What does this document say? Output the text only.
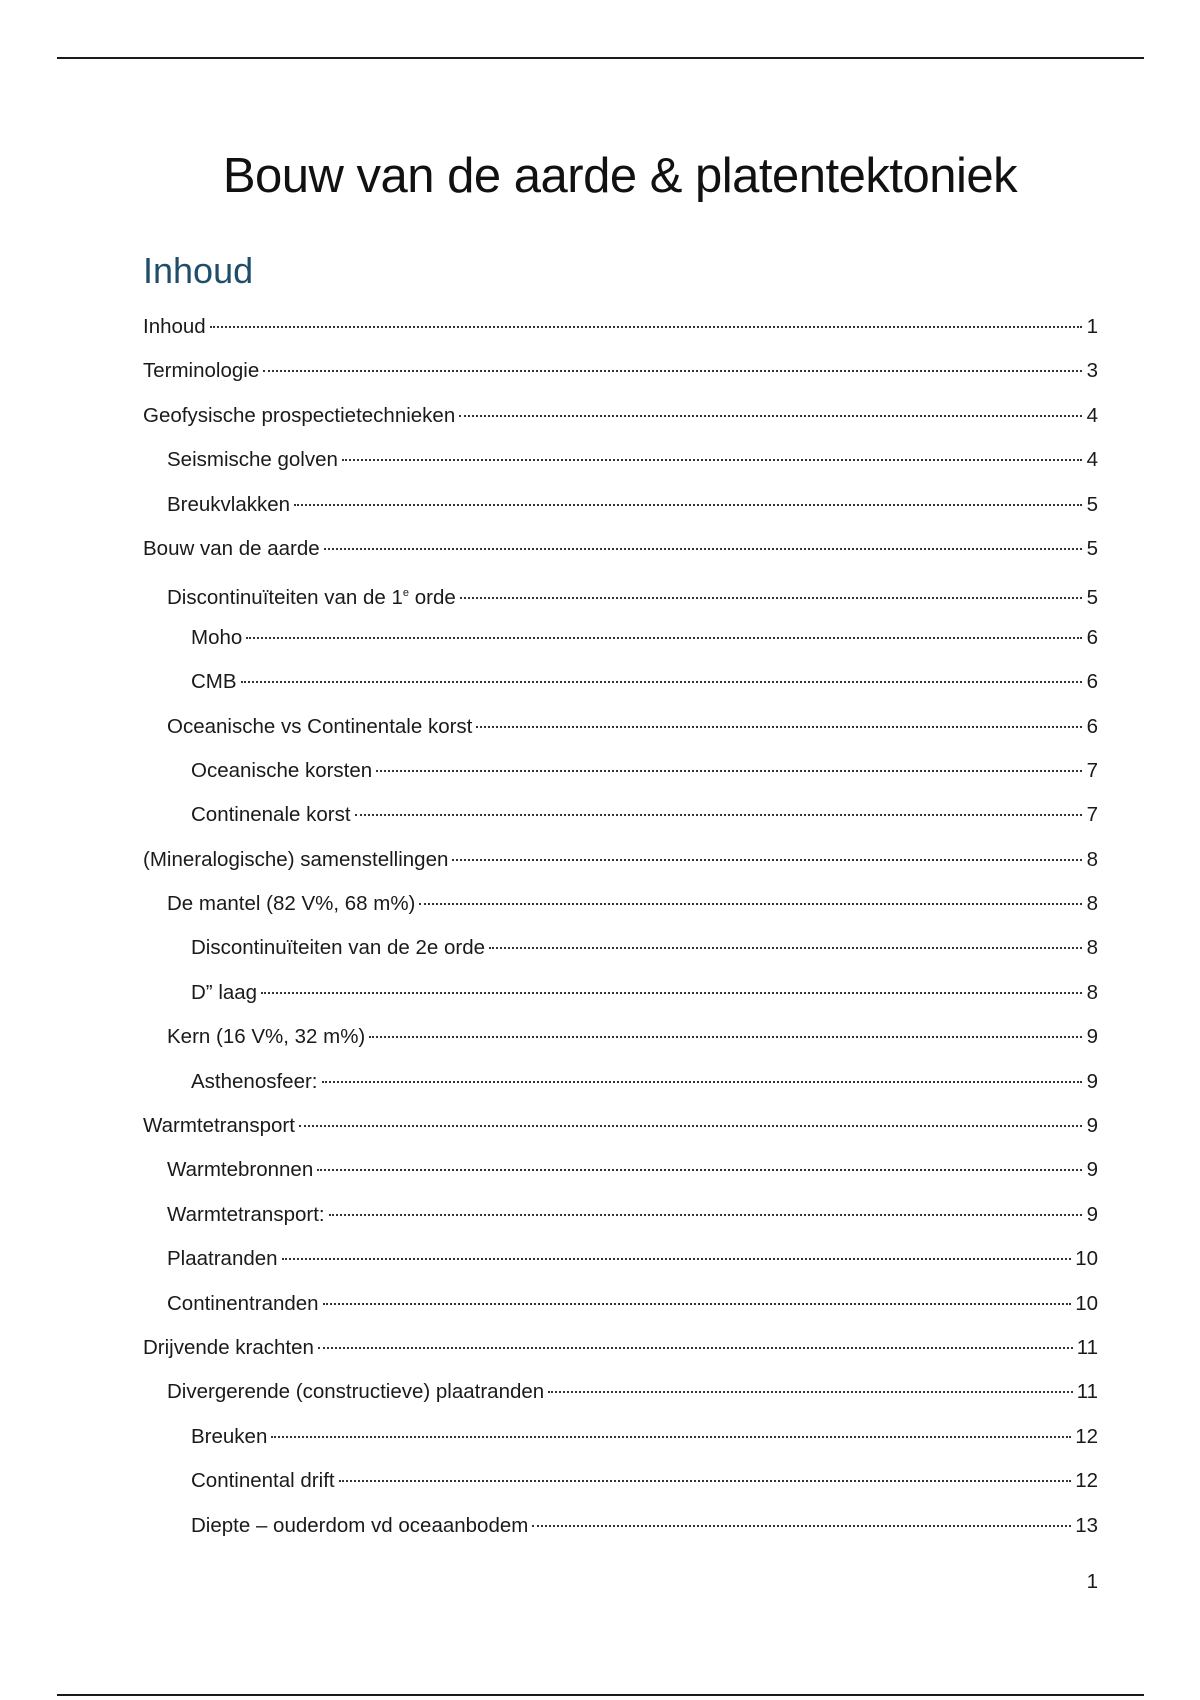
Bouw van de aarde & platentektoniek
Inhoud
Inhoud	1
Terminologie	3
Geofysische prospectietechnieken	4
Seismische golven	4
Breukvlakken	5
Bouw van de aarde	5
Discontinuïteiten van de 1e orde	5
Moho	6
CMB	6
Oceanische vs Continentale korst	6
Oceanische korsten	7
Continenale korst	7
(Mineralogische) samenstellingen	8
De mantel (82 V%, 68 m%)	8
Discontinuïteiten van de 2e orde	8
D” laag	8
Kern (16 V%, 32 m%)	9
Asthenosfeer:	9
Warmtetransport	9
Warmtebronnen	9
Warmtetransport:	9
Plaatranden	10
Continentranden	10
Drijvende krachten	11
Divergerende (constructieve) plaatranden	11
Breuken	12
Continental drift	12
Diepte – ouderdom vd oceaanbodem	13
1
